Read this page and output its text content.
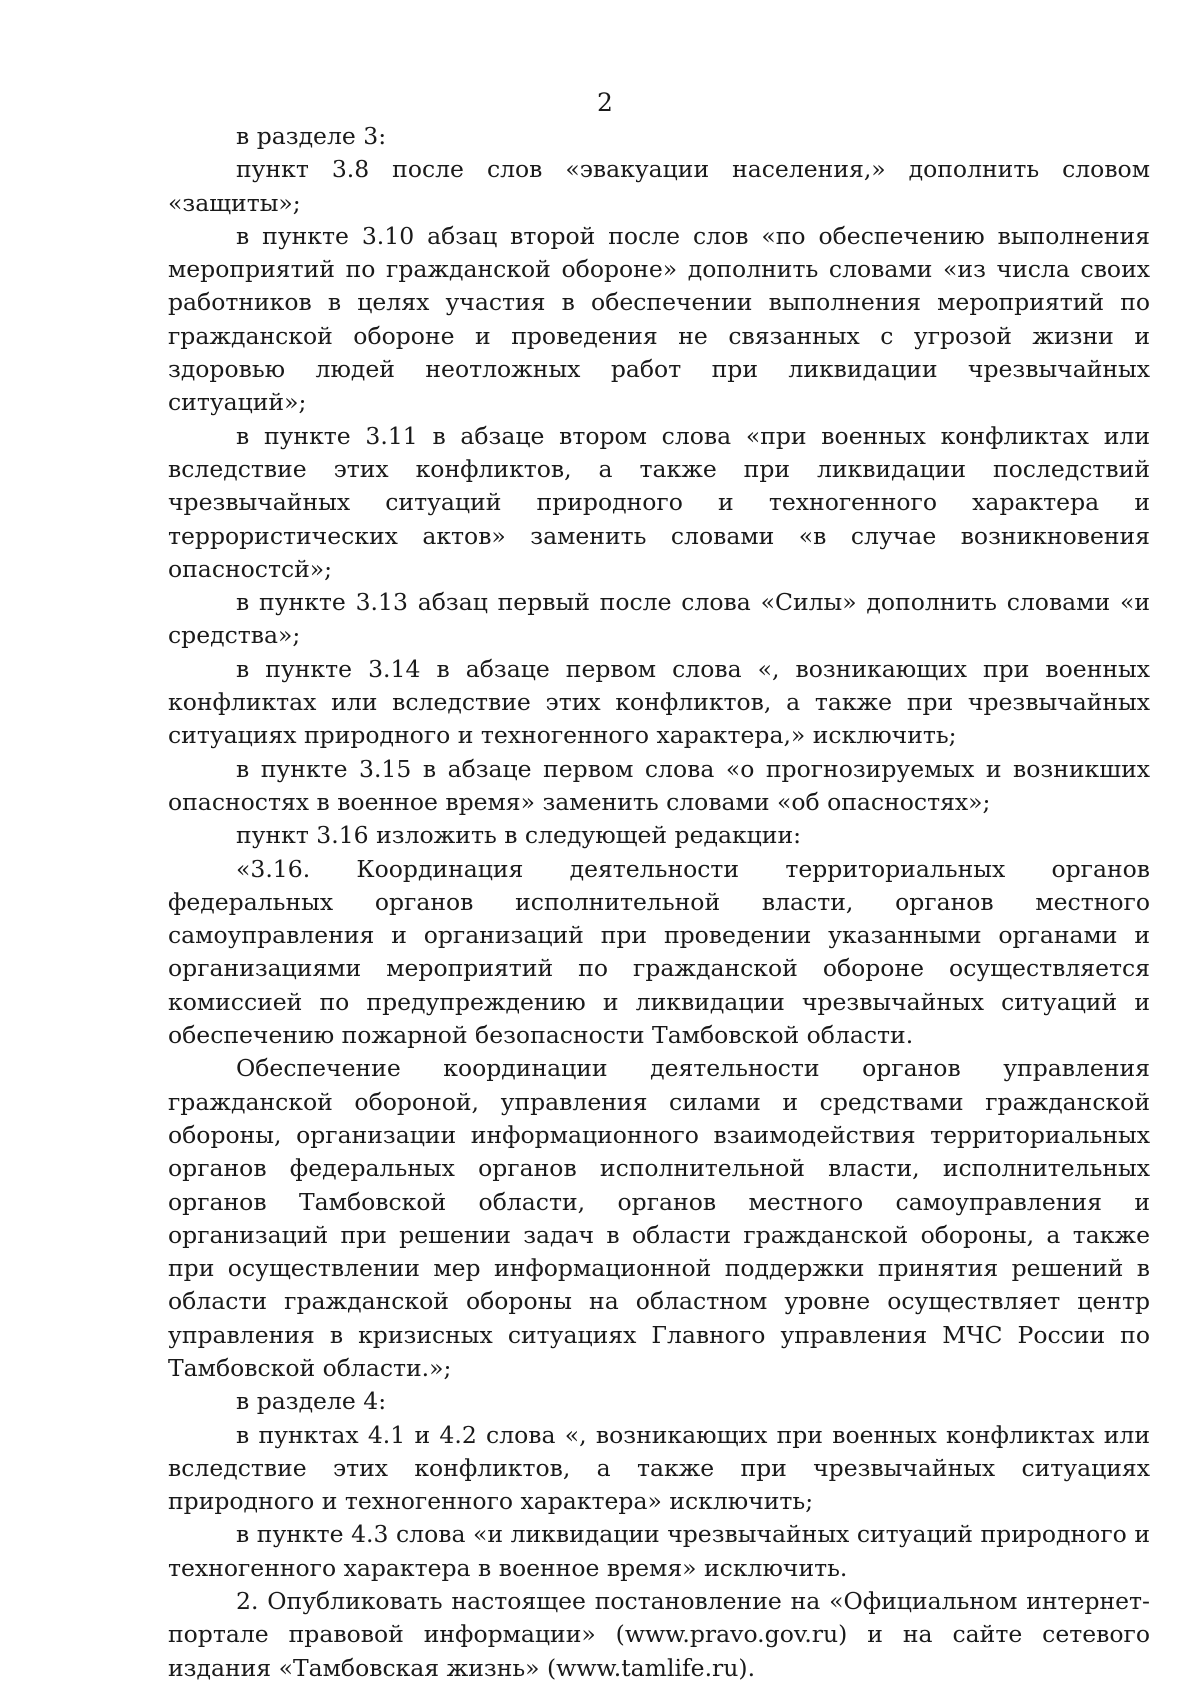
2

в разделе 3:

пункт 3.8 после слов «эвакуации населения,» дополнить словом «защиты»;

в пункте 3.10 абзац второй после слов «по обеспечению выполнения мероприятий по гражданской обороне» дополнить словами «из числа своих работников в целях участия в обеспечении выполнения мероприятий по гражданской обороне и проведения не связанных с угрозой жизни и здоровью людей неотложных работ при ликвидации чрезвычайных ситуаций»;

в пункте 3.11 в абзаце втором слова «при военных конфликтах или вследствие этих конфликтов, а также при ликвидации последствий чрезвычайных ситуаций природного и техногенного характера и террористических актов» заменить словами «в случае возникновения опасностсй»;

в пункте 3.13 абзац первый после слова «Силы» дополнить словами «и средства»;

в пункте 3.14 в абзаце первом слова «, возникающих при военных конфликтах или вследствие этих конфликтов, а также при чрезвычайных ситуациях природного и техногенного характера,» исключить;

в пункте 3.15 в абзаце первом слова «о прогнозируемых и возникших опасностях в военное время» заменить словами «об опасностях»;

пункт 3.16 изложить в следующей редакции:

«3.16. Координация деятельности территориальных органов федеральных органов исполнительной власти, органов местного самоуправления и организаций при проведении указанными органами и организациями мероприятий по гражданской обороне осуществляется комиссией по предупреждению и ликвидации чрезвычайных ситуаций и обеспечению пожарной безопасности Тамбовской области.

Обеспечение координации деятельности органов управления гражданской обороной, управления силами и средствами гражданской обороны, организации информационного взаимодействия территориальных органов федеральных органов исполнительной власти, исполнительных органов Тамбовской области, органов местного самоуправления и организаций при решении задач в области гражданской обороны, а также при осуществлении мер информационной поддержки принятия решений в области гражданской обороны на областном уровне осуществляет центр управления в кризисных ситуациях Главного управления МЧС России по Тамбовской области.»;

в разделе 4:

в пунктах 4.1 и 4.2 слова «, возникающих при военных конфликтах или вследствие этих конфликтов, а также при чрезвычайных ситуациях природного и техногенного характера» исключить;

в пункте 4.3 слова «и ликвидации чрезвычайных ситуаций природного и техногенного характера в военное время» исключить.

2. Опубликовать настоящее постановление на «Официальном интернет-портале правовой информации» (www.pravo.gov.ru) и на сайте сетевого издания «Тамбовская жизнь» (www.tamlife.ru).
